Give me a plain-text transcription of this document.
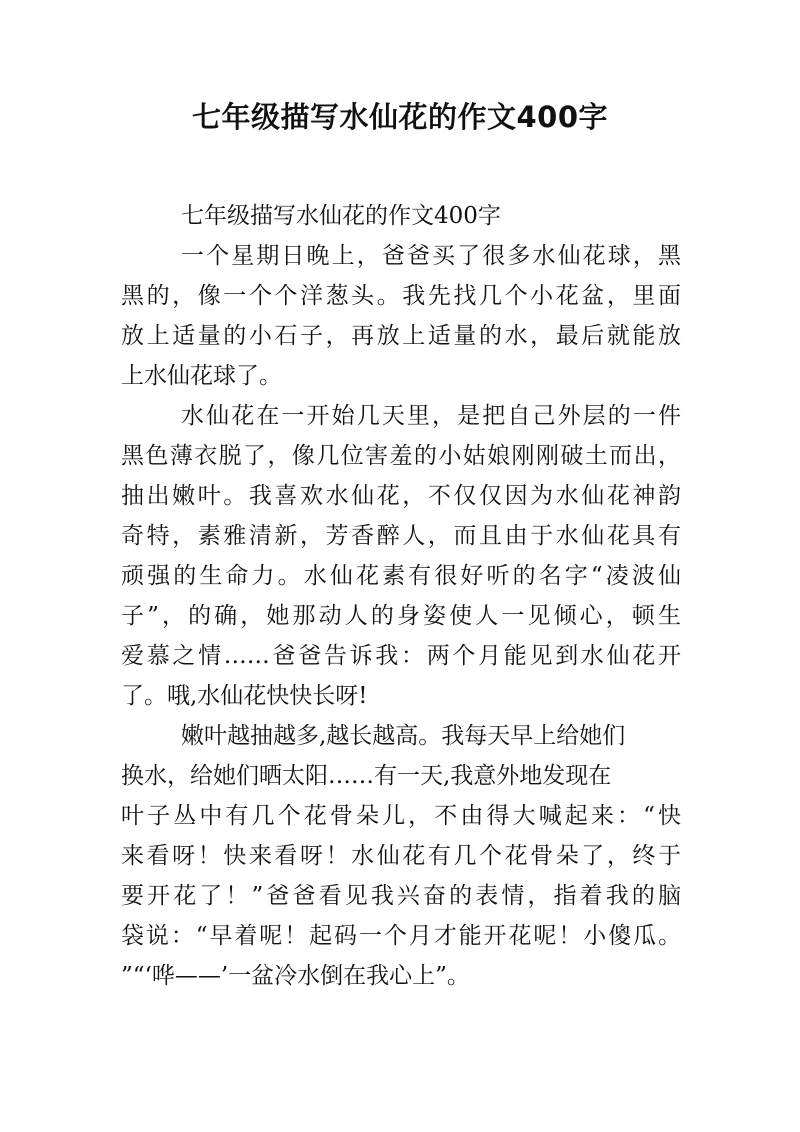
七年级描写水仙花的作文400字
七年级描写水仙花的作文400字
一个星期日晚上，爸爸买了很多水仙花球，黑
黑的，像一个个洋葱头。我先找几个小花盆，里面
放上适量的小石子，再放上适量的水，最后就能放
上水仙花球了。
水仙花在一开始几天里，是把自己外层的一件
黑色薄衣脱了，像几位害羞的小姑娘刚刚破土而出，
抽出嫩叶。我喜欢水仙花，不仅仅因为水仙花神韵
奇特，素雅清新，芳香醉人，而且由于水仙花具有
顽强的生命力。水仙花素有很好听的名字“凌波仙
子”，的确，她那动人的身姿使人一见倾心，顿生
爱慕之情……爸爸告诉我：两个月能见到水仙花开
了。哦,水仙花快快长呀!
嫩叶越抽越多,越长越高。我每天早上给她们
换水，给她们晒太阳……有一天,我意外地发现在
叶子丛中有几个花骨朵儿，不由得大喊起来：“快
来看呀！快来看呀！水仙花有几个花骨朵了，终于
要开花了！”爸爸看见我兴奋的表情，指着我的脑
袋说：“早着呢！起码一个月才能开花呢！小傻瓜。
”“‘哗——’一盆冷水倒在我心上”。
